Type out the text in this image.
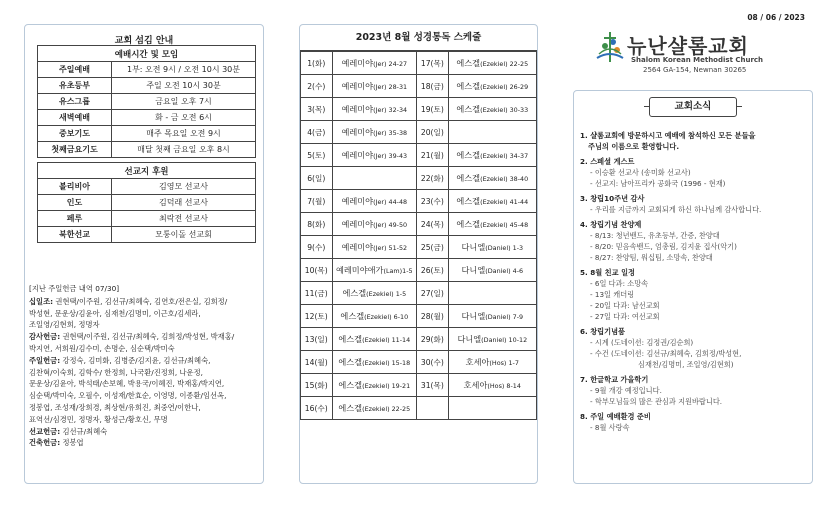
08 / 06 / 2023
뉴난샬롬교회
Shalom Korean Methodist Church
2564 GA-154, Newnan 30265
교회 섬김 안내
예배시간 및 모임	
주일예배	1부: 오전 9시 / 오전 10시 30분
유초등부	주일 오전 10시 30분
유스그룹	금요일 오후 7시
새벽예배	화 - 금 오전 6시
중보기도	매주 목요일 오전 9시
첫째금요기도	매달 첫째 금요일 오후 8시
선교지 후원	
볼리비아	김영모 선교사
인도	김덕래 선교사
페루	최락전 선교사
북한선교	모퉁이돌 선교회
[지난 주일헌금 내역 07/30]
십일조: 권현택/이주원, 김선규/최혜숙, 김연호/전은실, 김희정/
박성현, 문운상/김윤아, 심재천/김명미, 이근호/김세라,
조일영/김현희, 정명자
감사헌금: 권현택/이주원, 김선규/최혜숙, 김희정/박성현, 박재홍/
박지연, 서희원/김수미, 손명순, 심순택/박미숙
주일헌금: 강정숙, 김미화, 김병준/김지윤, 김선규/최혜숙,
김찬혁/이숙희, 김학수/ 한정희, 나국환/진정희, 나운정,
문운상/김윤아, 박석태/손보혜, 박용국/이혜진, 박재홍/박지연,
심순택/박미숙, 오필수, 이성재/한효순, 이영명, 이종환/임선옥,
정봉엽, 조성재/장희경, 최상현/유희진, 최중연/이한나,
표역선/심경민, 정명자, 황성근/황호신, 무명
선교헌금: 김선규/최혜숙
건축헌금: 정봉엽
2023년 8월 성경통독 스케줄
1(화)	예레미야(Jer) 24-27	17(목)	에스겔(Ezekiel) 22-25
2(수)	예레미야(Jer) 28-31	18(금)	에스겔(Ezekiel) 26-29
3(목)	예레미야(Jer) 32-34	19(토)	에스겔(Ezekiel) 30-33
4(금)	예레미야(Jer) 35-38	20(일)	
5(토)	예레미야(Jer) 39-43	21(월)	에스겔(Ezekiel) 34-37
6(일)		22(화)	에스겔(Ezekiel) 38-40
7(월)	예레미야(Jer) 44-48	23(수)	에스겔(Ezekiel) 41-44
8(화)	예레미야(Jer) 49-50	24(목)	에스겔(Ezekiel) 45-48
9(수)	예레미야(Jer) 51-52	25(금)	다니엘(Daniel) 1-3
10(목)	예레미야애가(Lam)1-5	26(토)	다니엘(Daniel) 4-6
11(금)	에스겔(Ezekiel) 1-5	27(일)	
12(토)	에스겔(Ezekiel) 6-10	28(월)	다니엘(Daniel) 7-9
13(일)	에스겔(Ezekiel) 11-14	29(화)	다니엘(Daniel) 10-12
14(월)	에스겔(Ezekiel) 15-18	30(수)	호세아(Hos) 1-7
15(화)	에스겔(Ezekiel) 19-21	31(목)	호세아(Hos) 8-14
16(수)	에스겔(Ezekiel) 22-25		
교회소식
1. 샬롬교회에 방문하시고 예배에 참석하신 모든 분들을
주님의 이름으로 환영합니다.
2. 스페셜 게스트
- 이승환 선교사 (송미화 선교사)
- 선교지: 남아프리카 공화국 (1996 - 현재)
3. 창립10주년 감사
- 우리를 지금까지 교회되게 하신 하나님께 감사합니다.
4. 창립기념 찬양제
- 8/13: 청년밴드, 유초등부, 간증, 찬양대
- 8/20: 믿음속밴드, 엄총림, 김지윤 집사(악기)
- 8/27: 찬양팀, 워십팀, 소망속, 찬양대
5. 8월 친교 일정
- 6일 다과: 소망속
- 13일 캐더링
- 20일 다과: 남선교회
- 27일 다과: 여선교회
6. 창립기념품
- 시계 (도네이션: 김정권/김순희)
- 수건 (도네이션: 김선규/최혜숙, 김희정/박성현,
심재천/김명미, 조일영/김현희)
7. 한글학교 가을학기
- 9월 개강 예정입니다.
- 학부모님들의 많은 관심과 지원바랍니다.
8. 주일 예배환경 준비
- 8월 사랑속
